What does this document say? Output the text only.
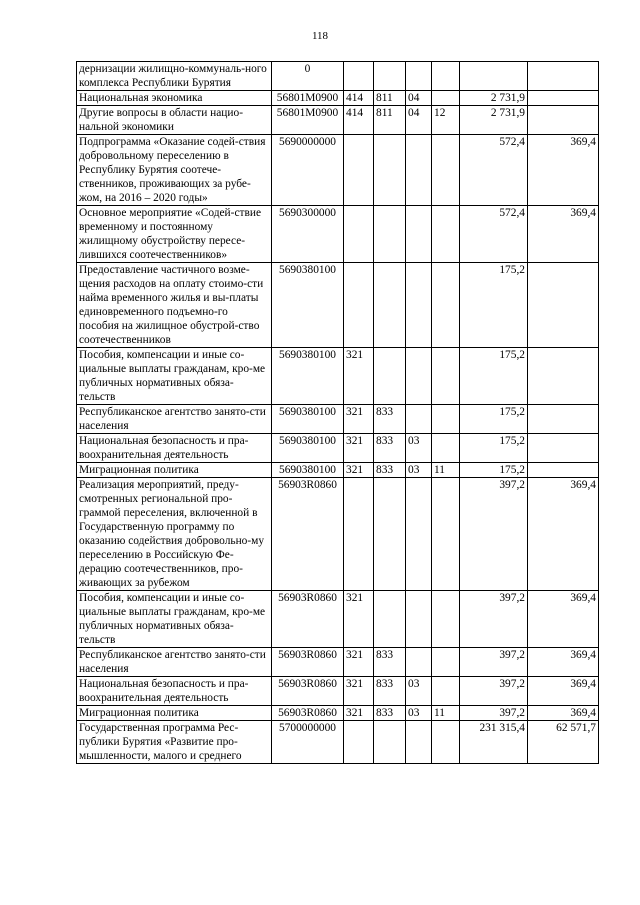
118
дернизации жилищно-коммуналь-ного комплекса Республики Бурятия	0						
Национальная экономика	56801М0900	414	811	04		2 731,9	
Другие вопросы в области нацио-нальной экономики	56801М0900	414	811	04	12	2 731,9	
Подпрограмма «Оказание содей-ствия добровольному переселению в Республику Бурятия соотече-ственников, проживающих за рубе-жом, на 2016 – 2020 годы»	5690000000					572,4	369,4
Основное мероприятие «Содей-ствие временному и постоянному жилищному обустройству пересе-лившихся соотечественников»	5690300000					572,4	369,4
Предоставление частичного возме-щения расходов на оплату стоимо-сти найма временного жилья и вы-платы единовременного подъемно-го пособия на жилищное обустрой-ство соотечественников	5690380100					175,2	
Пособия, компенсации и иные со-циальные выплаты гражданам, кро-ме публичных нормативных обяза-тельств	5690380100	321				175,2	
Республиканское агентство занято-сти населения	5690380100	321	833			175,2	
Национальная безопасность и пра-воохранительная деятельность	5690380100	321	833	03		175,2	
Миграционная политика	5690380100	321	833	03	11	175,2	
Реализация мероприятий, преду-смотренных региональной про-граммой переселения, включенной в Государственную программу по оказанию содействия добровольно-му переселению в Российскую Фе-дерацию соотечественников, про-живающих за рубежом	56903R0860					397,2	369,4
Пособия, компенсации и иные со-циальные выплаты гражданам, кро-ме публичных нормативных обяза-тельств	56903R0860	321				397,2	369,4
Республиканское агентство занято-сти населения	56903R0860	321	833			397,2	369,4
Национальная безопасность и пра-воохранительная деятельность	56903R0860	321	833	03		397,2	369,4
Миграционная политика	56903R0860	321	833	03	11	397,2	369,4
Государственная программа Рес-публики Бурятия «Развитие про-мышленности, малого и среднего	5700000000					231 315,4	62 571,7
